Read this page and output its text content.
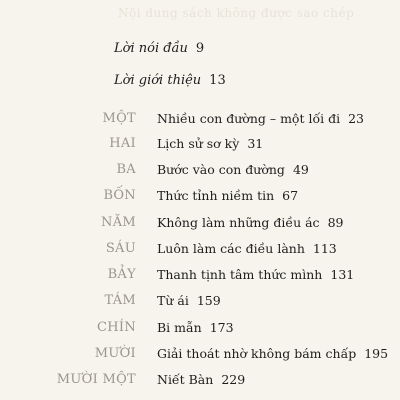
Nội dung sách không được sao chép
Lời nói đầu 9
Lời giới thiệu 13
MỘT Nhiều con đường – một lối đi 23
HAI Lịch sử sơ kỳ 31
BA Bước vào con đường 49
BỐN Thức tỉnh niềm tin 67
NĂM Không làm những điều ác 89
SÁU Luôn làm các điều lành 113
BẢY Thanh tịnh tâm thức mình 131
TÁM Từ ái 159
CHÍN Bi mẫn 173
MƯỜI Giải thoát nhờ không bám chấp 195
MƯỜI MỘT Niết Bàn 229
